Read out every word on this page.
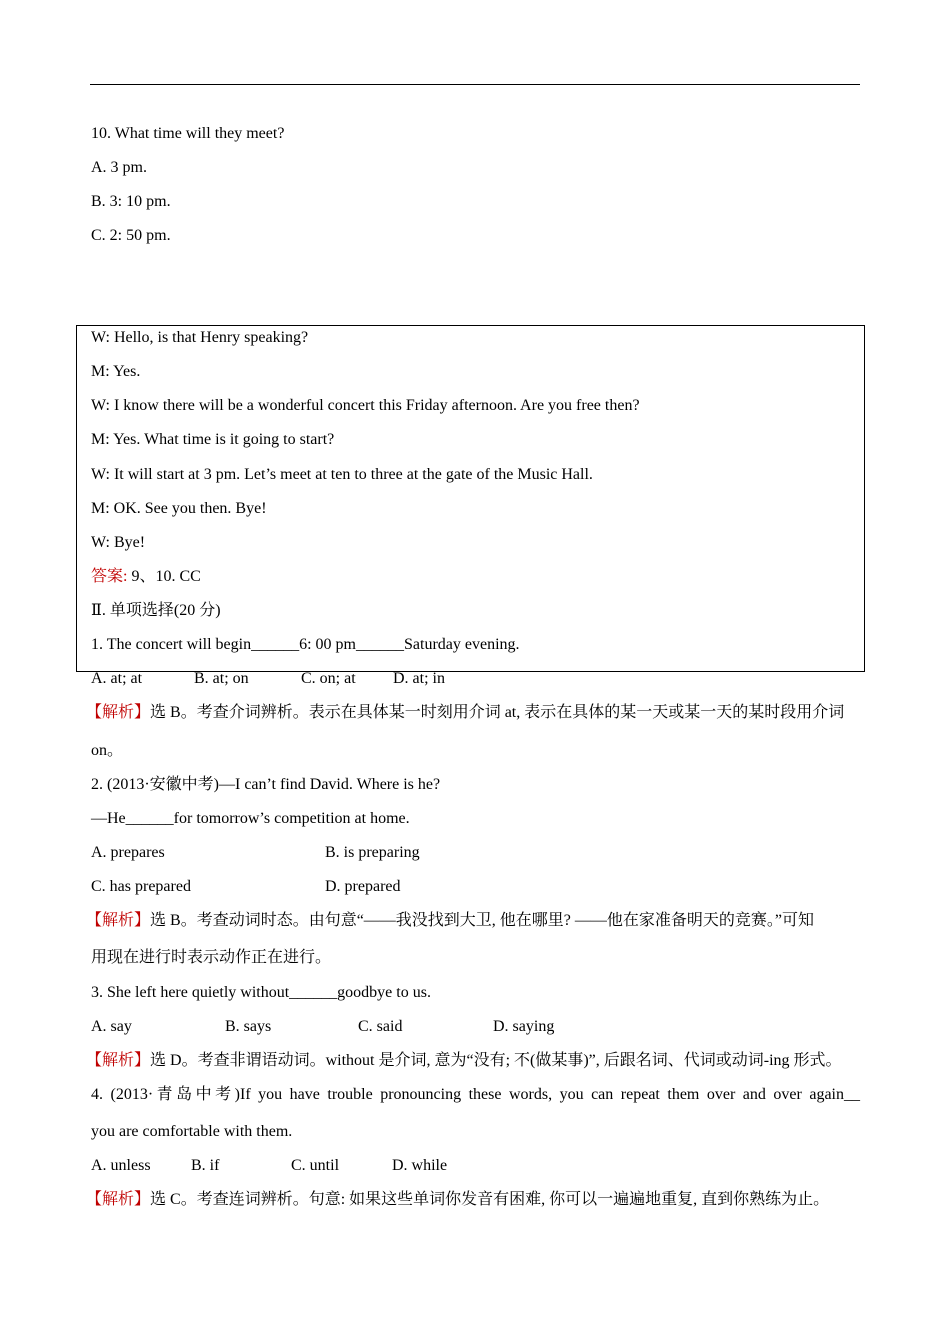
10. What time will they meet?
A. 3 pm.
B. 3: 10 pm.
C. 2: 50 pm.
W: Hello, is that Henry speaking?
M: Yes.
W: I know there will be a wonderful concert this Friday afternoon. Are you free then?
M: Yes. What time is it going to start?
W: It will start at 3 pm. Let’s meet at ten to three at the gate of the Music Hall.
M: OK. See you then. Bye!
W: Bye!
答案: 9、10. CC
Ⅱ. 单项选择(20 分)
1. The concert will begin______6: 00 pm______Saturday evening.
A. at; at	B. at; on	C. on; at D. at; in
【解析】选 B。考查介词辨析。表示在具体某一时刻用介词 at, 表示在具体的某一天或某一天的某时段用介词
on。
2. (2013·安徽中考)—I can’t find David. Where is he?
—He______for tomorrow’s competition at home.
A. prepares	B. is preparing
C. has prepared	D. prepared
【解析】选 B。考查动词时态。由句意“——我没找到大卫, 他在哪里? ——他在家准备明天的竞赛。”可知
用现在进行时表示动作正在进行。
3. She left here quietly without______goodbye to us.
A. say	B. says	C. said	D. saying
【解析】选 D。考查非谓语动词。without 是介词, 意为“没有; 不(做某事)”, 后跟名词、代词或动词-ing 形式。
4. (2013·青岛中考)If you have trouble pronouncing these words, you can repeat them over and over again__
you are comfortable with them.
A. unless	B. if	C. until	D. while
【解析】选 C。考查连词辨析。句意: 如果这些单词你发音有困难, 你可以一遍遍地重复, 直到你熟练为止。
